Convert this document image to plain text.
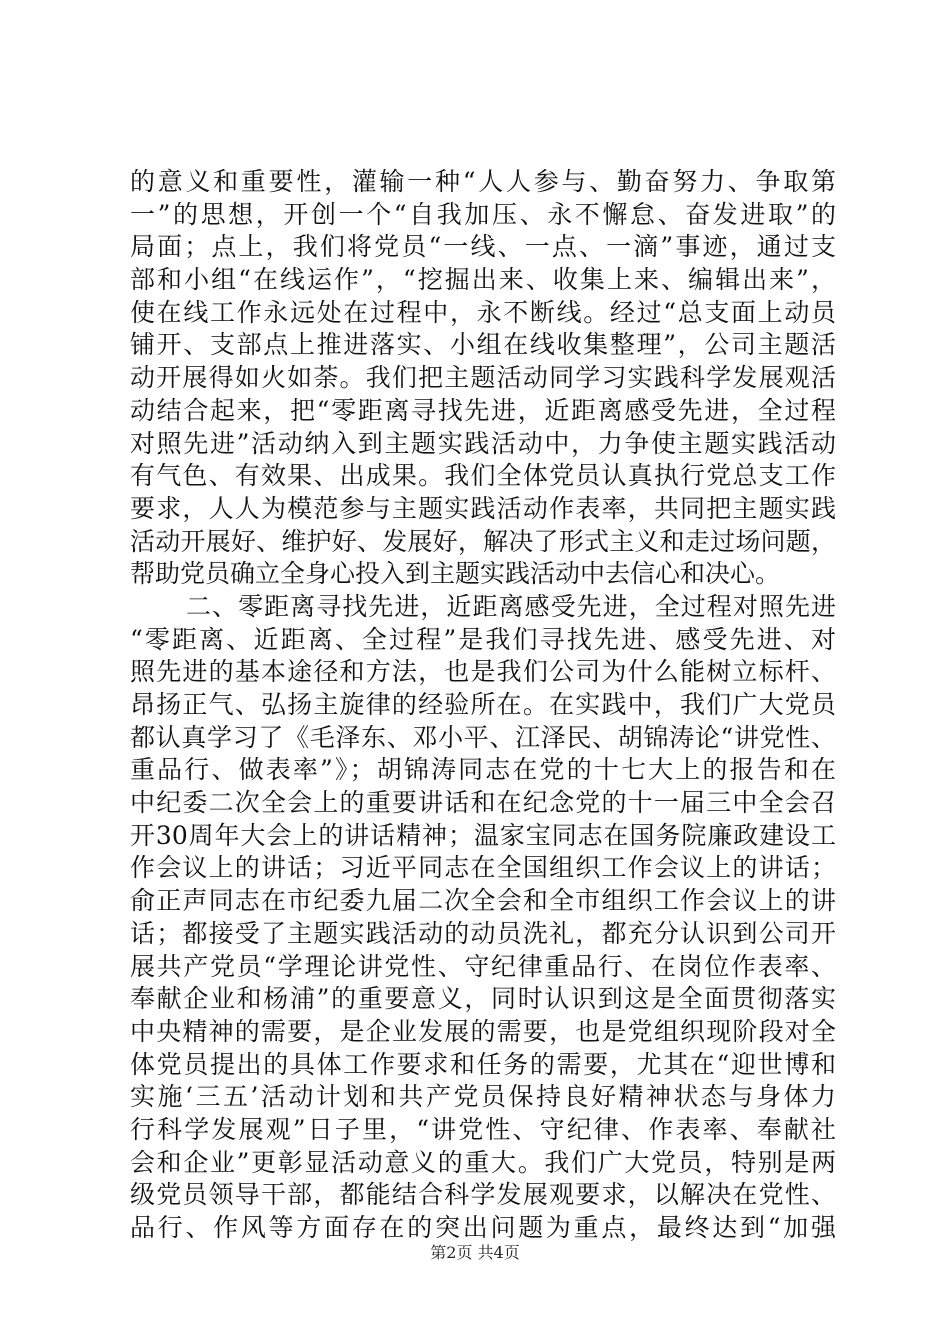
的意义和重要性，灌输一种“人人参与、勤奋努力、争取第
一”的思想，开创一个“自我加压、永不懈怠、奋发进取”的
局面；点上，我们将党员“一线、一点、一滴”事迹，通过支
部和小组“在线运作”，“挖掘出来、收集上来、编辑出来”，
使在线工作永远处在过程中，永不断线。经过“总支面上动员
铺开、支部点上推进落实、小组在线收集整理”，公司主题活
动开展得如火如荼。我们把主题活动同学习实践科学发展观活
动结合起来，把“零距离寻找先进，近距离感受先进，全过程
对照先进”活动纳入到主题实践活动中，力争使主题实践活动
有气色、有效果、出成果。我们全体党员认真执行党总支工作
要求，人人为模范参与主题实践活动作表率，共同把主题实践
活动开展好、维护好、发展好，解决了形式主义和走过场问题，
帮助党员确立全身心投入到主题实践活动中去信心和决心。
二、零距离寻找先进，近距离感受先进，全过程对照先进
“零距离、近距离、全过程”是我们寻找先进、感受先进、对
照先进的基本途径和方法，也是我们公司为什么能树立标杆、
昂扬正气、弘扬主旋律的经验所在。在实践中，我们广大党员
都认真学习了《毛泽东、邓小平、江泽民、胡锦涛论“讲党性、
重品行、做表率”》；胡锦涛同志在党的十七大上的报告和在
中纪委二次全会上的重要讲话和在纪念党的十一届三中全会召
开30周年大会上的讲话精神；温家宝同志在国务院廉政建设工
作会议上的讲话；习近平同志在全国组织工作会议上的讲话；
俞正声同志在市纪委九届二次全会和全市组织工作会议上的讲
话；都接受了主题实践活动的动员洗礼，都充分认识到公司开
展共产党员“学理论讲党性、守纪律重品行、在岗位作表率、
奉献企业和杨浦”的重要意义，同时认识到这是全面贯彻落实
中央精神的需要，是企业发展的需要，也是党组织现阶段对全
体党员提出的具体工作要求和任务的需要，尤其在“迎世博和
实施‘三五’活动计划和共产党员保持良好精神状态与身体力
行科学发展观”日子里，“讲党性、守纪律、作表率、奉献社
会和企业”更彰显活动意义的重大。我们广大党员，特别是两
级党员领导干部，都能结合科学发展观要求，以解决在党性、
品行、作风等方面存在的突出问题为重点，最终达到“加强
第2页 共4页
